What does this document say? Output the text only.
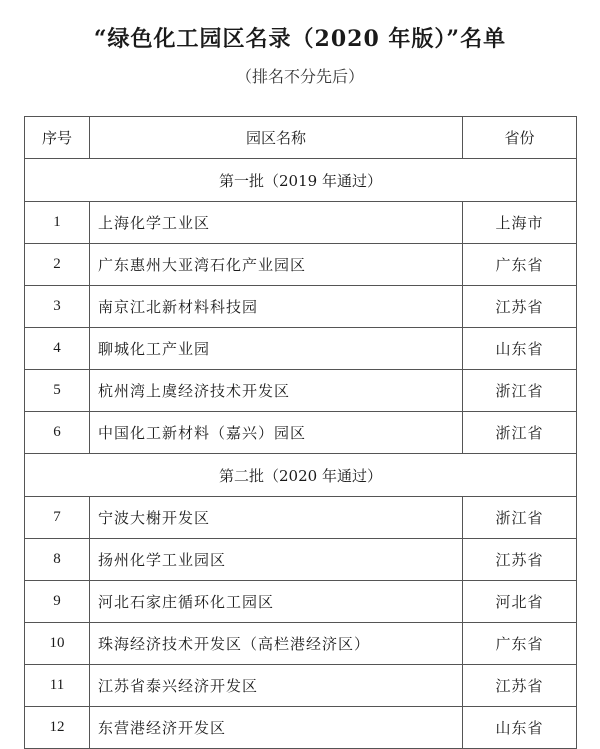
“绿色化工园区名录（2020 年版）”名单
（排名不分先后）
序号	园区名称	省份
第一批（2019 年通过）		
1	上海化学工业区	上海市
2	广东惠州大亚湾石化产业园区	广东省
3	南京江北新材料科技园	江苏省
4	聊城化工产业园	山东省
5	杭州湾上虞经济技术开发区	浙江省
6	中国化工新材料（嘉兴）园区	浙江省
第二批（2020 年通过）		
7	宁波大榭开发区	浙江省
8	扬州化学工业园区	江苏省
9	河北石家庄循环化工园区	河北省
10	珠海经济技术开发区（高栏港经济区）	广东省
11	江苏省泰兴经济开发区	江苏省
12	东营港经济开发区	山东省
